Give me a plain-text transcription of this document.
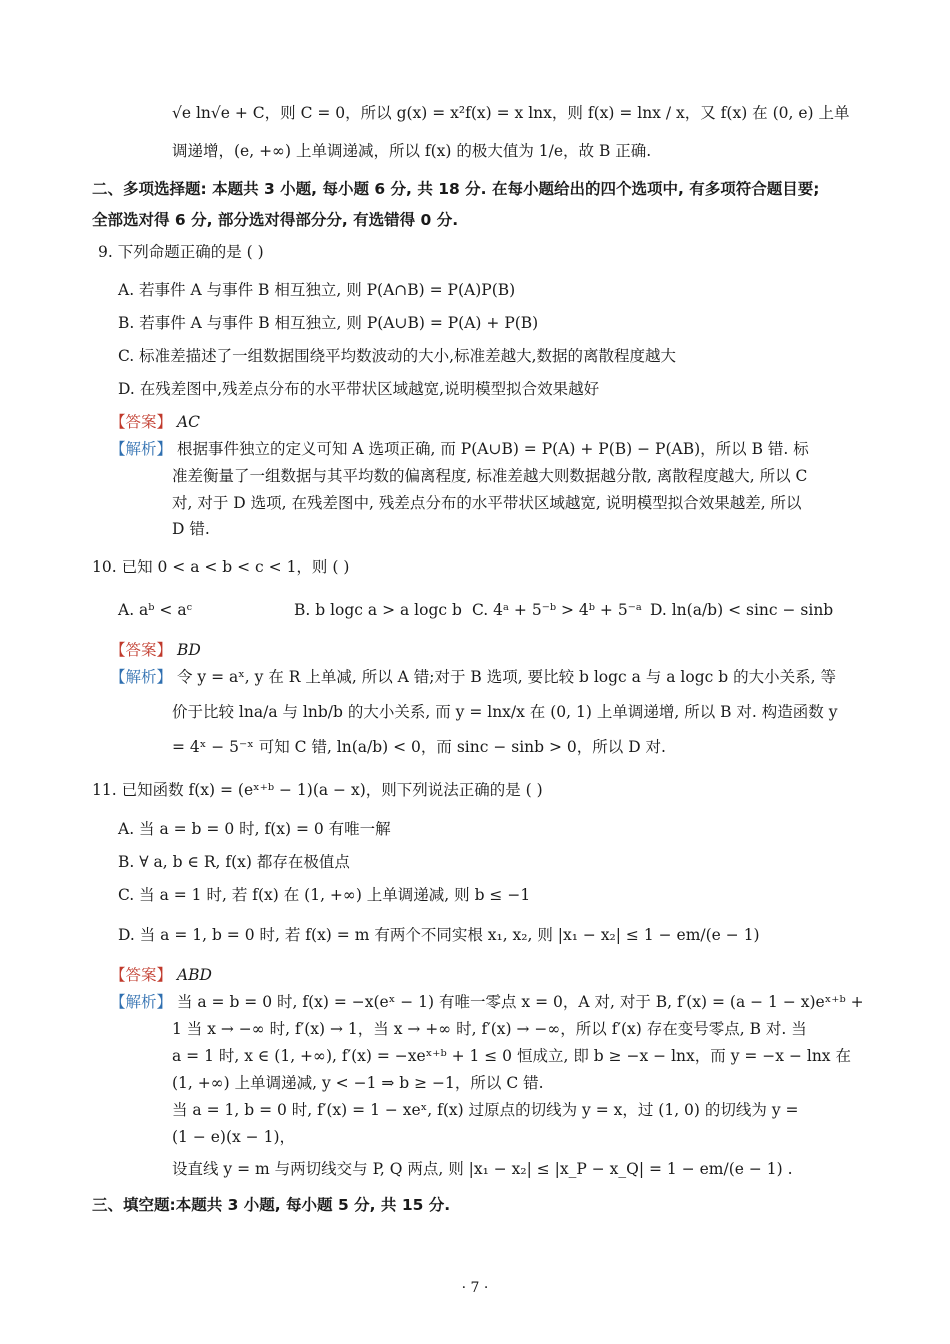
√e ln√e + C，则 C = 0，所以 g(x) = x²f(x) = x lnx，则 f(x) = lnx / x，又 f(x) 在 (0, e) 上单
调递增，(e, +∞) 上单调递减，所以 f(x) 的极大值为 1/e，故 B 正确.
二、多项选择题: 本题共 3 小题, 每小题 6 分, 共 18 分. 在每小题给出的四个选项中, 有多项符合题目要;
全部选对得 6 分, 部分选对得部分分, 有选错得 0 分.
9. 下列命题正确的是 ( )
A. 若事件 A 与事件 B 相互独立, 则 P(A∩B) = P(A)P(B)
B. 若事件 A 与事件 B 相互独立, 则 P(A∪B) = P(A) + P(B)
C. 标准差描述了一组数据围绕平均数波动的大小,标准差越大,数据的离散程度越大
D. 在残差图中,残差点分布的水平带状区域越宽,说明模型拟合效果越好
【答案】 AC
【解析】 根据事件独立的定义可知 A 选项正确, 而 P(A∪B) = P(A) + P(B) − P(AB)，所以 B 错. 标
准差衡量了一组数据与其平均数的偏离程度, 标准差越大则数据越分散, 离散程度越大, 所以 C
对, 对于 D 选项, 在残差图中, 残差点分布的水平带状区域越宽, 说明模型拟合效果越差, 所以
D 错.
10. 已知 0 < a < b < c < 1，则 ( )
A. aᵇ < aᶜ	B. b logc a > a logc b C. 4ᵃ + 5⁻ᵇ > 4ᵇ + 5⁻ᵃ D. ln(a/b) < sinc − sinb
【答案】 BD
【解析】 令 y = aˣ, y 在 R 上单减, 所以 A 错;对于 B 选项, 要比较 b logc a 与 a logc b 的大小关系, 等
价于比较 lna/a 与 lnb/b 的大小关系, 而 y = lnx/x 在 (0, 1) 上单调递增, 所以 B 对. 构造函数 y
= 4ˣ − 5⁻ˣ 可知 C 错, ln(a/b) < 0，而 sinc − sinb > 0，所以 D 对.
11. 已知函数 f(x) = (eˣ⁺ᵇ − 1)(a − x)，则下列说法正确的是 ( )
A. 当 a = b = 0 时, f(x) = 0 有唯一解
B. ∀ a, b ∈ R, f(x) 都存在极值点
C. 当 a = 1 时, 若 f(x) 在 (1, +∞) 上单调递减, 则 b ≤ −1
D. 当 a = 1, b = 0 时, 若 f(x) = m 有两个不同实根 x₁, x₂, 则 |x₁ − x₂| ≤ 1 − em/(e − 1)
【答案】 ABD
【解析】 当 a = b = 0 时, f(x) = −x(eˣ − 1) 有唯一零点 x = 0，A 对, 对于 B, f′(x) = (a − 1 − x)eˣ⁺ᵇ +
1 当 x → −∞ 时, f′(x) → 1，当 x → +∞ 时, f′(x) → −∞，所以 f′(x) 存在变号零点, B 对. 当
a = 1 时, x ∈ (1, +∞), f′(x) = −xeˣ⁺ᵇ + 1 ≤ 0 恒成立, 即 b ≥ −x − lnx，而 y = −x − lnx 在
(1, +∞) 上单调递减, y < −1 ⇒ b ≥ −1，所以 C 错.
当 a = 1, b = 0 时, f′(x) = 1 − xeˣ, f(x) 过原点的切线为 y = x，过 (1, 0) 的切线为 y =
(1 − e)(x − 1)，
设直线 y = m 与两切线交与 P, Q 两点, 则 |x₁ − x₂| ≤ |x_P − x_Q| = 1 − em/(e − 1) .
三、填空题:本题共 3 小题, 每小题 5 分, 共 15 分.
· 7 ·
